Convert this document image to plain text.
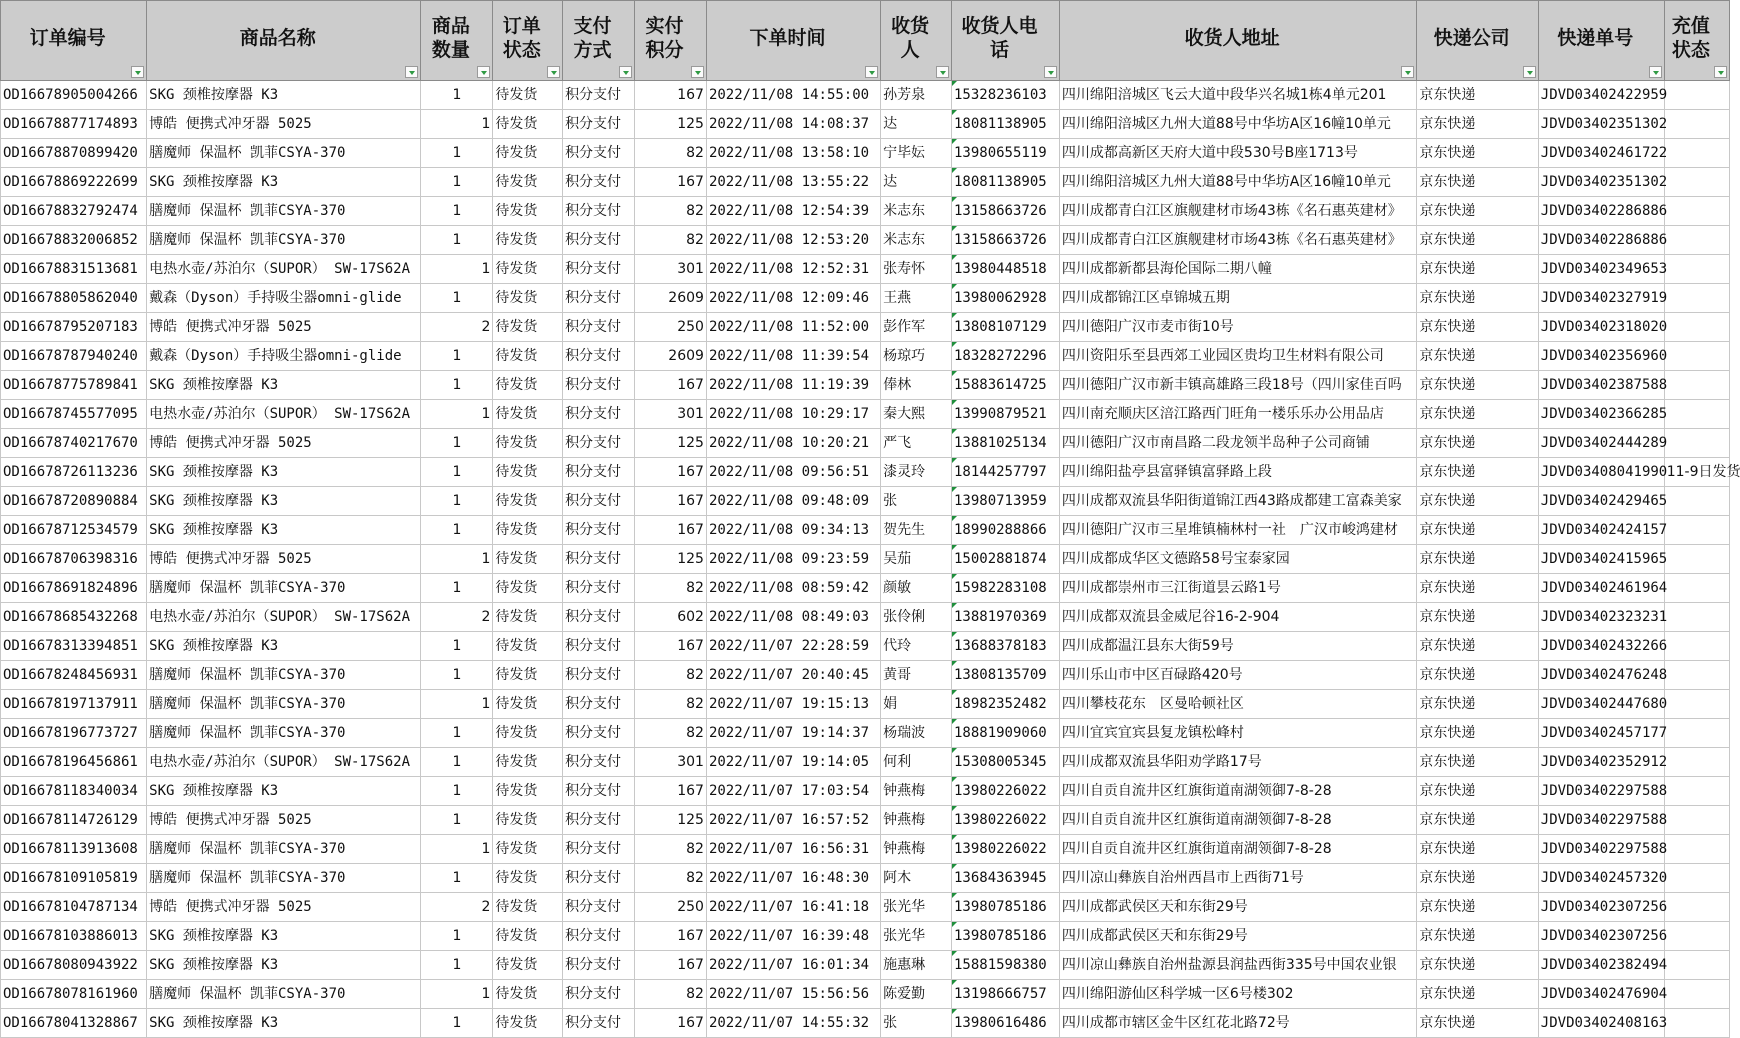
订单编号	商品名称	商品数量	订单状态	支付方式	实付积分	下单时间	收货人	收货人电话	收货人地址	快递公司	快递单号	充值状态

OD16678905004266	SKG 颈椎按摩器 K3	1	待发货	积分支付	167	2022/11/08 14:55:00	孙芳泉	15328236103	四川绵阳涪城区飞云大道中段华兴名城1栋4单元201	京东快递	JDVD03402422959	
OD16678877174893	博皓 便携式冲牙器 5025	1	待发货	积分支付	125	2022/11/08 14:08:37	达	18081138905	四川绵阳涪城区九州大道88号中华坊A区16幢10单元	京东快递	JDVD03402351302	
OD16678870899420	膳魔师 保温杯 凯菲CSYA-370	1	待发货	积分支付	82	2022/11/08 13:58:10	宁毕妘	13980655119	四川成都高新区天府大道中段530号B座1713号	京东快递	JDVD03402461722	
OD16678869222699	SKG 颈椎按摩器 K3	1	待发货	积分支付	167	2022/11/08 13:55:22	达	18081138905	四川绵阳涪城区九州大道88号中华坊A区16幢10单元	京东快递	JDVD03402351302	
OD16678832792474	膳魔师 保温杯 凯菲CSYA-370	1	待发货	积分支付	82	2022/11/08 12:54:39	米志东	13158663726	四川成都青白江区旗舰建材市场43栋《名石惠英建材》	京东快递	JDVD03402286886	
OD16678832006852	膳魔师 保温杯 凯菲CSYA-370	1	待发货	积分支付	82	2022/11/08 12:53:20	米志东	13158663726	四川成都青白江区旗舰建材市场43栋《名石惠英建材》	京东快递	JDVD03402286886	
OD16678831513681	电热水壶/苏泊尔（SUPOR） SW-17S62A	1	待发货	积分支付	301	2022/11/08 12:52:31	张寿怀	13980448518	四川成都新都县海伦国际二期八幢	京东快递	JDVD03402349653	
OD16678805862040	戴森（Dyson）手持吸尘器omni-glide	1	待发货	积分支付	2609	2022/11/08 12:09:46	王燕	13980062928	四川成都锦江区卓锦城五期	京东快递	JDVD03402327919	
OD16678795207183	博皓 便携式冲牙器 5025	2	待发货	积分支付	250	2022/11/08 11:52:00	彭作军	13808107129	四川德阳广汉市麦市街10号	京东快递	JDVD03402318020	
OD16678787940240	戴森（Dyson）手持吸尘器omni-glide	1	待发货	积分支付	2609	2022/11/08 11:39:54	杨琼巧	18328272296	四川资阳乐至县西郊工业园区贵均卫生材料有限公司	京东快递	JDVD03402356960	
OD16678775789841	SKG 颈椎按摩器 K3	1	待发货	积分支付	167	2022/11/08 11:19:39	俸林	15883614725	四川德阳广汉市新丰镇高雄路三段18号（四川家佳百吗	京东快递	JDVD03402387588	
OD16678745577095	电热水壶/苏泊尔（SUPOR） SW-17S62A	1	待发货	积分支付	301	2022/11/08 10:29:17	秦大熙	13990879521	四川南充顺庆区涪江路西门旺角一楼乐乐办公用品店	京东快递	JDVD03402366285	
OD16678740217670	博皓 便携式冲牙器 5025	1	待发货	积分支付	125	2022/11/08 10:20:21	严飞	13881025134	四川德阳广汉市南昌路二段龙领半岛种子公司商铺	京东快递	JDVD03402444289	
OD16678726113236	SKG 颈椎按摩器 K3	1	待发货	积分支付	167	2022/11/08 09:56:51	漆灵玲	18144257797	四川绵阳盐亭县富驿镇富驿路上段	京东快递	JDVD03408041990	11-9日发货
OD16678720890884	SKG 颈椎按摩器 K3	1	待发货	积分支付	167	2022/11/08 09:48:09	张	13980713959	四川成都双流县华阳街道锦江西43路成都建工富森美家	京东快递	JDVD03402429465	
OD16678712534579	SKG 颈椎按摩器 K3	1	待发货	积分支付	167	2022/11/08 09:34:13	贺先生	18990288866	四川德阳广汉市三星堆镇楠林村一社　广汉市峻鸿建材	京东快递	JDVD03402424157	
OD16678706398316	博皓 便携式冲牙器 5025	1	待发货	积分支付	125	2022/11/08 09:23:59	吴茄	15002881874	四川成都成华区文德路58号宝泰家园	京东快递	JDVD03402415965	
OD16678691824896	膳魔师 保温杯 凯菲CSYA-370	1	待发货	积分支付	82	2022/11/08 08:59:42	颜敏	15982283108	四川成都崇州市三江街道昙云路1号	京东快递	JDVD03402461964	
OD16678685432268	电热水壶/苏泊尔（SUPOR） SW-17S62A	2	待发货	积分支付	602	2022/11/08 08:49:03	张伶俐	13881970369	四川成都双流县金威尼谷16-2-904	京东快递	JDVD03402323231	
OD16678313394851	SKG 颈椎按摩器 K3	1	待发货	积分支付	167	2022/11/07 22:28:59	代玲	13688378183	四川成都温江县东大街59号	京东快递	JDVD03402432266	
OD16678248456931	膳魔师 保温杯 凯菲CSYA-370	1	待发货	积分支付	82	2022/11/07 20:40:45	黄哥	13808135709	四川乐山市中区百碌路420号	京东快递	JDVD03402476248	
OD16678197137911	膳魔师 保温杯 凯菲CSYA-370	1	待发货	积分支付	82	2022/11/07 19:15:13	娟	18982352482	四川攀枝花东　区曼哈顿社区	京东快递	JDVD03402447680	
OD16678196773727	膳魔师 保温杯 凯菲CSYA-370	1	待发货	积分支付	82	2022/11/07 19:14:37	杨瑞波	18881909060	四川宜宾宜宾县复龙镇松峰村	京东快递	JDVD03402457177	
OD16678196456861	电热水壶/苏泊尔（SUPOR） SW-17S62A	1	待发货	积分支付	301	2022/11/07 19:14:05	何利	15308005345	四川成都双流县华阳劝学路17号	京东快递	JDVD03402352912	
OD16678118340034	SKG 颈椎按摩器 K3	1	待发货	积分支付	167	2022/11/07 17:03:54	钟燕梅	13980226022	四川自贡自流井区红旗街道南湖领御7-8-28	京东快递	JDVD03402297588	
OD16678114726129	博皓 便携式冲牙器 5025	1	待发货	积分支付	125	2022/11/07 16:57:52	钟燕梅	13980226022	四川自贡自流井区红旗街道南湖领御7-8-28	京东快递	JDVD03402297588	
OD16678113913608	膳魔师 保温杯 凯菲CSYA-370	1	待发货	积分支付	82	2022/11/07 16:56:31	钟燕梅	13980226022	四川自贡自流井区红旗街道南湖领御7-8-28	京东快递	JDVD03402297588	
OD16678109105819	膳魔师 保温杯 凯菲CSYA-370	1	待发货	积分支付	82	2022/11/07 16:48:30	阿木	13684363945	四川凉山彝族自治州西昌市上西街71号	京东快递	JDVD03402457320	
OD16678104787134	博皓 便携式冲牙器 5025	2	待发货	积分支付	250	2022/11/07 16:41:18	张光华	13980785186	四川成都武侯区天和东街29号	京东快递	JDVD03402307256	
OD16678103886013	SKG 颈椎按摩器 K3	1	待发货	积分支付	167	2022/11/07 16:39:48	张光华	13980785186	四川成都武侯区天和东街29号	京东快递	JDVD03402307256	
OD16678080943922	SKG 颈椎按摩器 K3	1	待发货	积分支付	167	2022/11/07 16:01:34	施惠琳	15881598380	四川凉山彝族自治州盐源县润盐西街335号中国农业银	京东快递	JDVD03402382494	
OD16678078161960	膳魔师 保温杯 凯菲CSYA-370	1	待发货	积分支付	82	2022/11/07 15:56:56	陈爱勤	13198666757	四川绵阳游仙区科学城一区6号楼302	京东快递	JDVD03402476904	
OD16678041328867	SKG 颈椎按摩器 K3	1	待发货	积分支付	167	2022/11/07 14:55:32	张	13980616486	四川成都市辖区金牛区红花北路72号	京东快递	JDVD03402408163	
